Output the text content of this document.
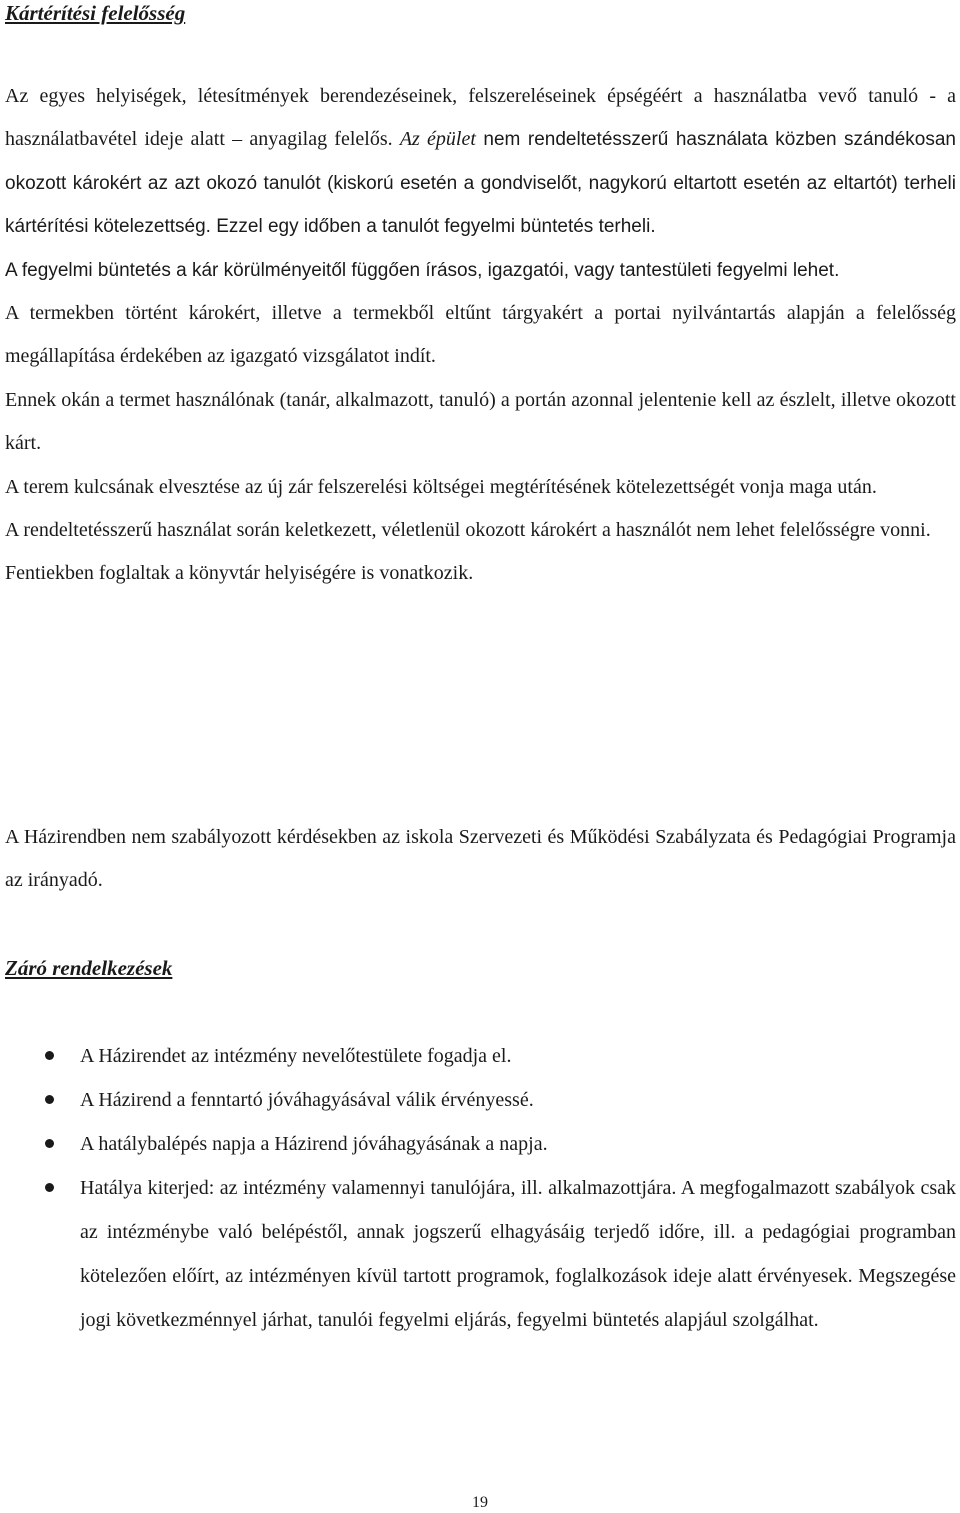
Kártérítési felelősség

Az egyes helyiségek, létesítmények berendezéseinek, felszereléseinek épségéért a használatba vevő tanuló - a használatbavétel ideje alatt – anyagilag felelős. Az épület nem rendeltetésszerű használata közben szándékosan okozott károkért az azt okozó tanulót (kiskorú esetén a gondviselőt, nagykorú eltartott esetén az eltartót) terheli kártérítési kötelezettség. Ezzel egy időben a tanulót fegyelmi büntetés terheli.

A fegyelmi büntetés a kár körülményeitől függően írásos, igazgatói, vagy tantestületi fegyelmi lehet.

A termekben történt károkért, illetve a termekből eltűnt tárgyakért a portai nyilvántartás alapján a felelősség megállapítása érdekében az igazgató vizsgálatot indít.

Ennek okán a termet használónak (tanár, alkalmazott, tanuló) a portán azonnal jelentenie kell az észlelt, illetve okozott kárt.

A terem kulcsának elvesztése az új zár felszerelési költségei megtérítésének kötelezettségét vonja maga után.

A rendeltetésszerű használat során keletkezett, véletlenül okozott károkért a használót nem lehet felelősségre vonni.

Fentiekben foglaltak a könyvtár helyiségére is vonatkozik.

A Házirendben nem szabályozott kérdésekben az iskola Szervezeti és Működési Szabályzata és Pedagógiai Programja az irányadó.

Záró rendelkezések
A Házirendet az intézmény nevelőtestülete fogadja el.
A Házirend a fenntartó jóváhagyásával válik érvényessé.
A hatálybalépés napja a Házirend jóváhagyásának a napja.
Hatálya kiterjed: az intézmény valamennyi tanulójára, ill. alkalmazottjára. A megfogalmazott szabályok csak az intézménybe való belépéstől, annak jogszerű elhagyásáig terjedő időre, ill. a pedagógiai programban kötelezően előírt, az intézményen kívül tartott programok, foglalkozások ideje alatt érvényesek. Megszegése jogi következménnyel járhat, tanulói fegyelmi eljárás, fegyelmi büntetés alapjául szolgálhat.
19
